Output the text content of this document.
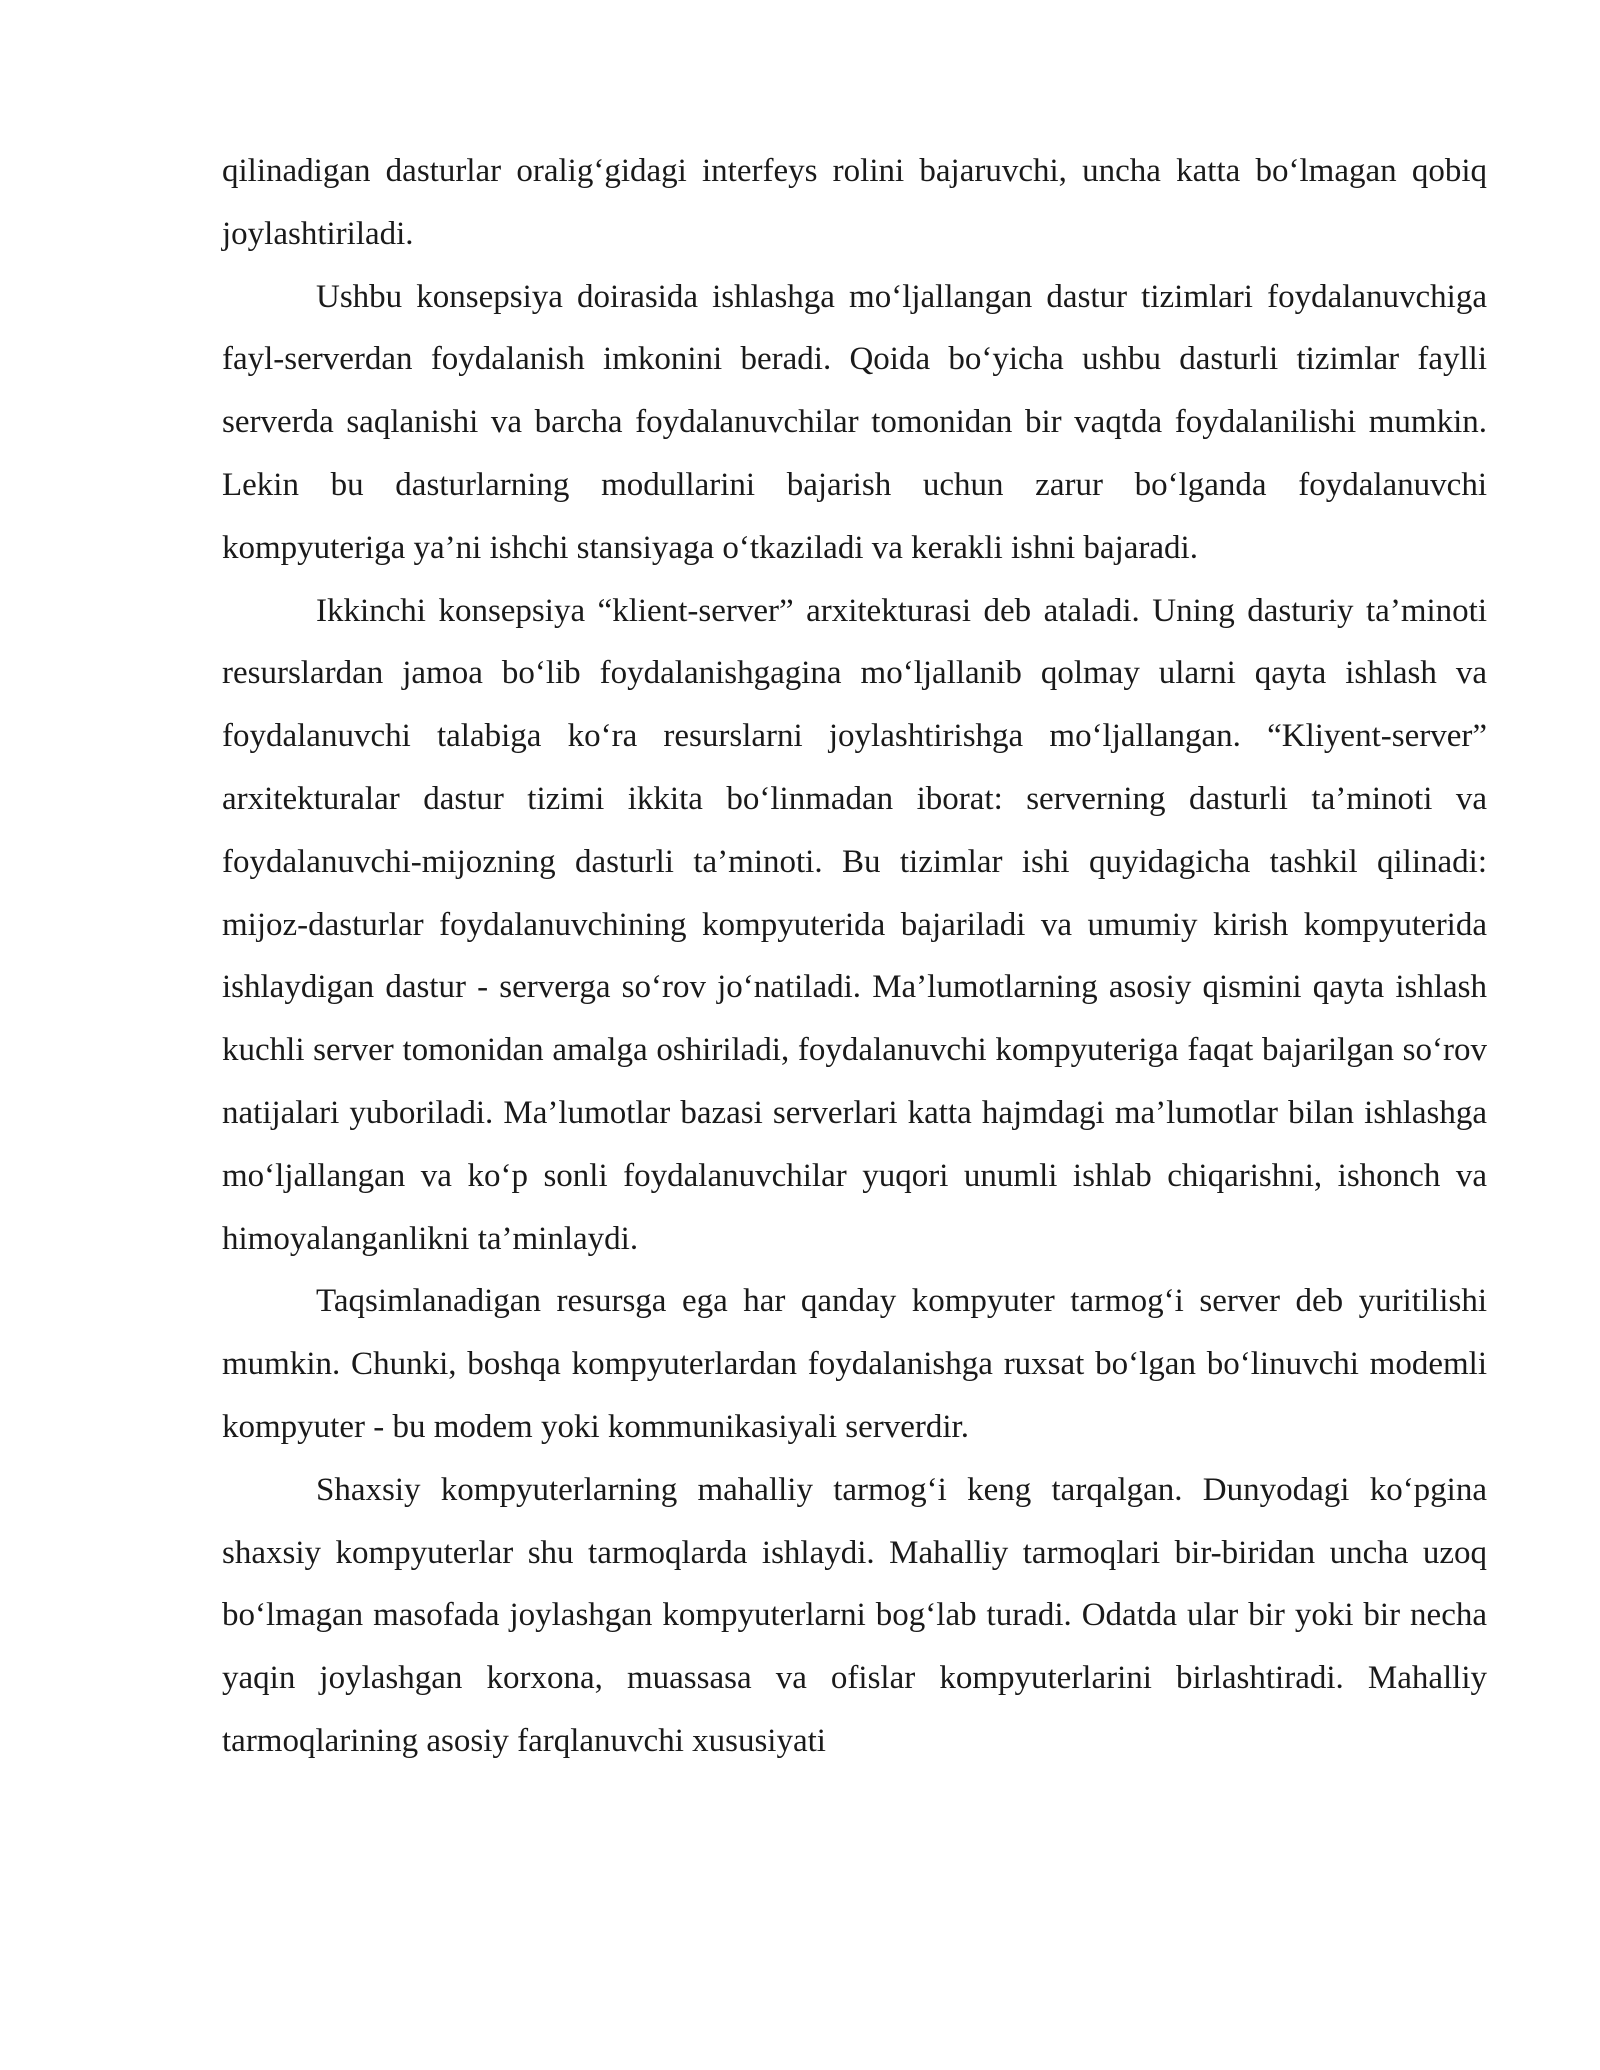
qilinadigan dasturlar oralig‘gidagi interfeys rolini bajaruvchi, uncha katta bo‘lmagan qobiq joylashtiriladi.

Ushbu konsepsiya doirasida ishlashga mo‘ljallangan dastur tizimlari foydalanuvchiga fayl-serverdan foydalanish imkonini beradi. Qoida bo‘yicha ushbu dasturli tizimlar faylli serverda saqlanishi va barcha foydalanuvchilar tomonidan bir vaqtda foydalanilishi mumkin. Lekin bu dasturlarning modullarini bajarish uchun zarur bo‘lganda foydalanuvchi kompyuteriga ya’ni ishchi stansiyaga o‘tkaziladi va kerakli ishni bajaradi.

Ikkinchi konsepsiya “klient-server” arxitekturasi deb ataladi. Uning dasturiy ta’minoti resurslardan jamoa bo‘lib foydalanishgagina mo‘ljallanib qolmay ularni qayta ishlash va foydalanuvchi talabiga ko‘ra resurslarni joylashtirishga mo‘ljallangan. “Kliyent-server” arxitekturalar dastur tizimi ikkita bo‘linmadan iborat: serverning dasturli ta’minoti va foydalanuvchi-mijozning dasturli ta’minoti. Bu tizimlar ishi quyidagicha tashkil qilinadi: mijoz-dasturlar foydalanuvchining kompyuterida bajariladi va umumiy kirish kompyuterida ishlaydigan dastur - serverga so‘rov jo‘natiladi. Ma’lumotlarning asosiy qismini qayta ishlash kuchli server tomonidan amalga oshiriladi, foydalanuvchi kompyuteriga faqat bajarilgan so‘rov natijalari yuboriladi. Ma’lumotlar bazasi serverlari katta hajmdagi ma’lumotlar bilan ishlashga mo‘ljallangan va ko‘p sonli foydalanuvchilar yuqori unumli ishlab chiqarishni, ishonch va himoyalanganlikni ta’minlaydi.

Taqsimlanadigan resursga ega har qanday kompyuter tarmog‘i server deb yuritilishi mumkin. Chunki, boshqa kompyuterlardan foydalanishga ruxsat bo‘lgan bo‘linuvchi modemli kompyuter - bu modem yoki kommunikasiyali serverdir.

Shaxsiy kompyuterlarning mahalliy tarmog‘i keng tarqalgan. Dunyodagi ko‘pgina shaxsiy kompyuterlar shu tarmoqlarda ishlaydi. Mahalliy tarmoqlari bir-biridan uncha uzoq bo‘lmagan masofada joylashgan kompyuterlarni bog‘lab turadi. Odatda ular bir yoki bir necha yaqin joylashgan korxona, muassasa va ofislar kompyuterlarini birlashtiradi. Mahalliy tarmoqlarining asosiy farqlanuvchi xususiyati
